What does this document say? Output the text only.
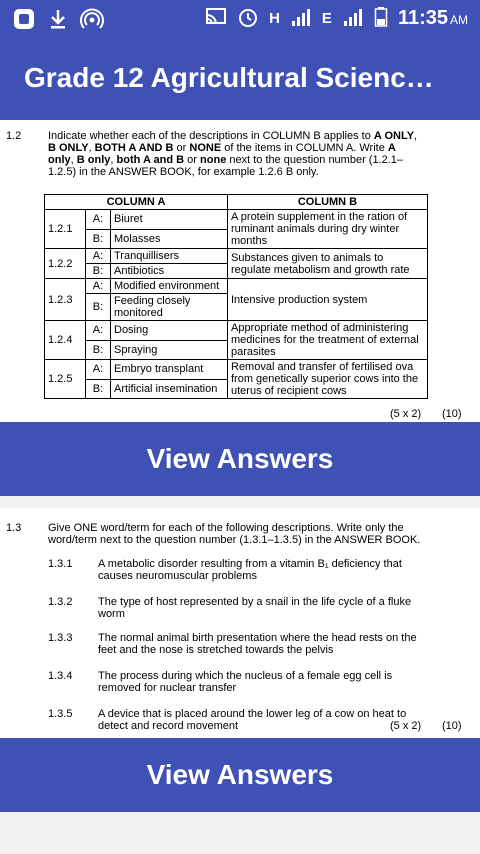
H	E	11:35 AM
Grade 12 Agricultural Scienc…
1.2 Indicate whether each of the descriptions in COLUMN B applies to A ONLY, B ONLY, BOTH A AND B or NONE of the items in COLUMN A. Write A only, B only, both A and B or none next to the question number (1.2.1–1.2.5) in the ANSWER BOOK, for example 1.2.6 B only.
COLUMN A			COLUMN B
1.2.1	A:	Biuret	A protein supplement in the ration of ruminant animals during dry winter months
	B:	Molasses	
1.2.2	A:	Tranquillisers	Substances given to animals to regulate metabolism and growth rate
	B:	Antibiotics	
1.2.3	A:	Modified environment	Intensive production system
	B:	Feeding closely monitored	
1.2.4	A:	Dosing	Appropriate method of administering medicines for the treatment of external parasites
	B:	Spraying	
1.2.5	A:	Embryo transplant	Removal and transfer of fertilised ova from genetically superior cows into the uterus of recipient cows
	B:	Artificial insemination	
(5 x 2) (10)
View Answers
1.3 Give ONE word/term for each of the following descriptions. Write only the word/term next to the question number (1.3.1–1.3.5) in the ANSWER BOOK.
1.3.1 A metabolic disorder resulting from a vitamin B₁ deficiency that causes neuromuscular problems
1.3.2 The type of host represented by a snail in the life cycle of a fluke worm
1.3.3 The normal animal birth presentation where the head rests on the feet and the nose is stretched towards the pelvis
1.3.4 The process during which the nucleus of a female egg cell is removed for nuclear transfer
1.3.5 A device that is placed around the lower leg of a cow on heat to detect and record movement	(5 x 2) (10)
View Answers
